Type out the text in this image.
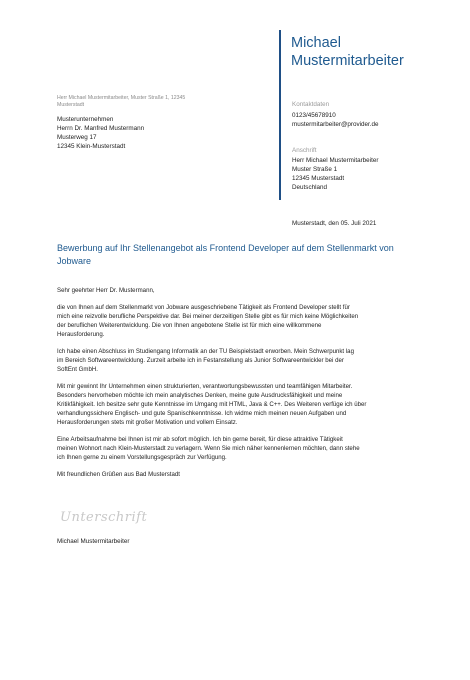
Michael
Mustermitarbeiter
Herr Michael Mustermitarbeiter, Muster Straße 1, 12345
Musterstadt
Musterunternehmen
Herrn Dr. Manfred Mustermann
Musterweg 17
12345 Klein-Musterstadt
Kontaktdaten
0123/45678910
mustermitarbeiter@provider.de
Anschrift
Herr Michael Mustermitarbeiter
Muster Straße 1
12345 Musterstadt
Deutschland
Musterstadt, den 05. Juli 2021
Bewerbung auf Ihr Stellenangebot als Frontend Developer auf dem Stellenmarkt von Jobware

Sehr geehrter Herr Dr. Mustermann,

die von Ihnen auf dem Stellenmarkt von Jobware ausgeschriebene Tätigkeit als Frontend Developer stellt für
mich eine reizvolle berufliche Perspektive dar. Bei meiner derzeitigen Stelle gibt es für mich keine Möglichkeiten
der beruflichen Weiterentwicklung. Die von Ihnen angebotene Stelle ist für mich eine willkommene
Herausforderung.

Ich habe einen Abschluss im Studiengang Informatik an der TU Beispielstadt erworben. Mein Schwerpunkt lag
im Bereich Softwareentwicklung. Zurzeit arbeite ich in Festanstellung als Junior Softwareentwickler bei der
SoftEnt GmbH.

Mit mir gewinnt Ihr Unternehmen einen strukturierten, verantwortungsbewussten und teamfähigen Mitarbeiter.
Besonders hervorheben möchte ich mein analytisches Denken, meine gute Ausdrucksfähigkeit und meine
Kritikfähigkeit. Ich besitze sehr gute Kenntnisse im Umgang mit HTML, Java & C++. Des Weiteren verfüge ich über
verhandlungssichere Englisch- und gute Spanischkenntnisse. Ich widme mich meinen neuen Aufgaben und
Herausforderungen stets mit großer Motivation und vollem Einsatz.

Eine Arbeitsaufnahme bei Ihnen ist mir ab sofort möglich. Ich bin gerne bereit, für diese attraktive Tätigkeit
meinen Wohnort nach Klein-Musterstadt zu verlagern. Wenn Sie mich näher kennenlernen möchten, dann stehe
ich Ihnen gerne zu einem Vorstellungsgespräch zur Verfügung.

Mit freundlichen Grüßen aus Bad Musterstadt

Unterschrift
Michael Mustermitarbeiter
